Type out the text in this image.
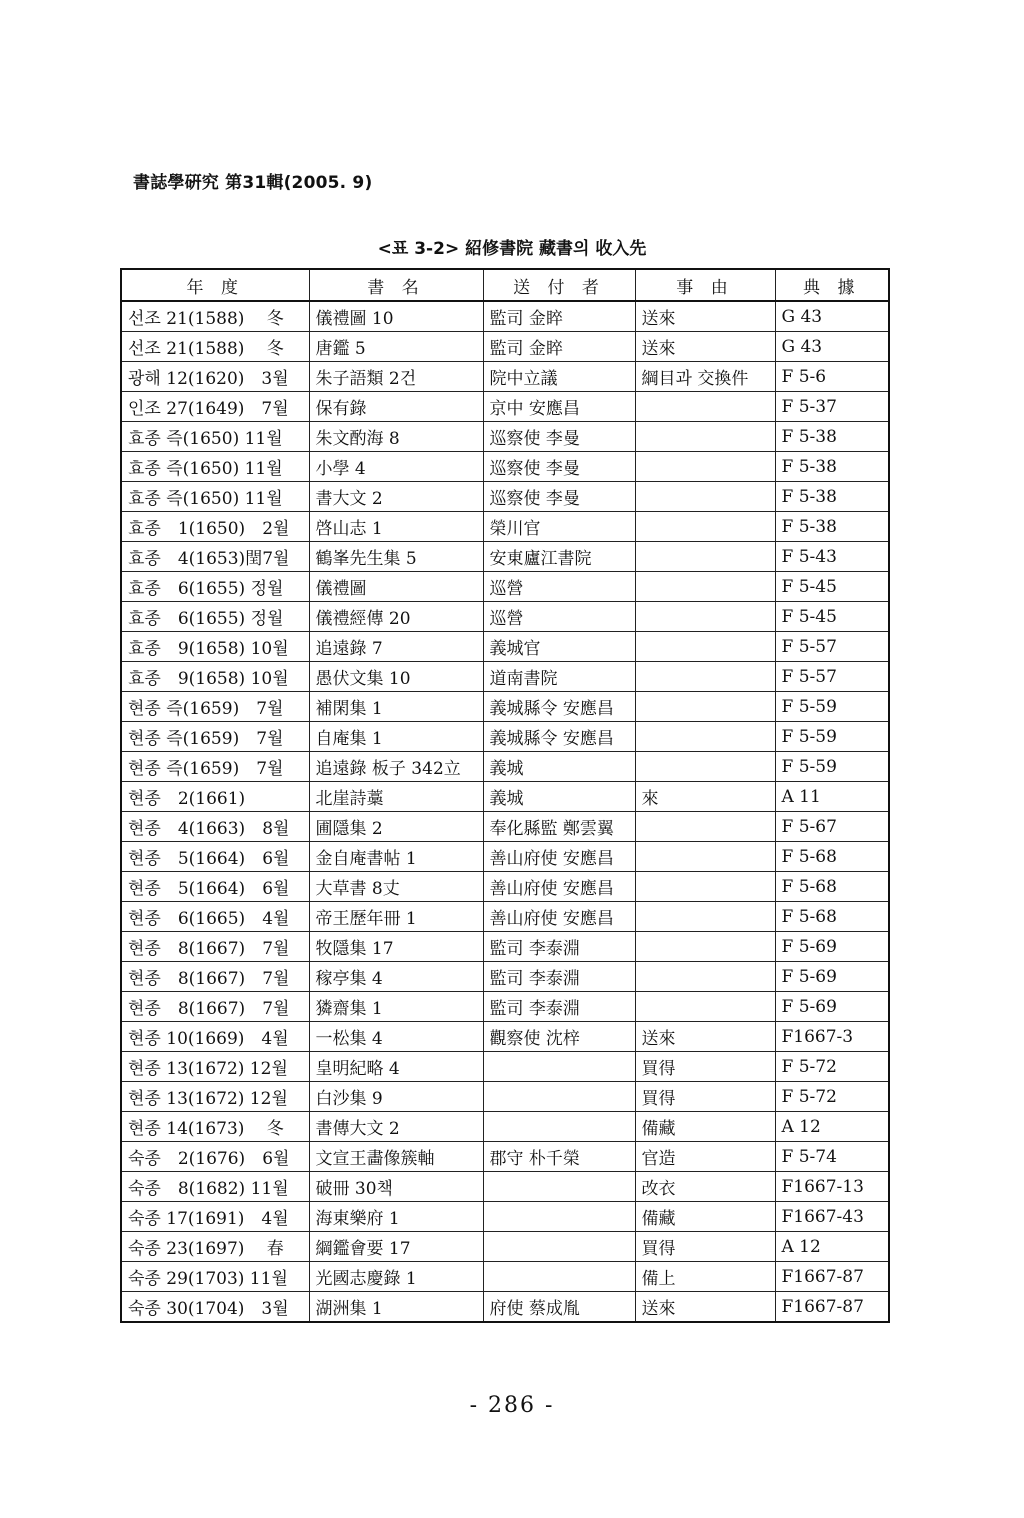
書誌學硏究 第31輯(2005. 9)
<표 3-2> 紹修書院 藏書의 收入先
年 度	書 名	送 付 者	事 由	典 據
선조 21(1588)　 冬	儀禮圖 10	監司 金睟	送來	G 43
선조 21(1588)　 冬	唐鑑 5	監司 金睟	送來	G 43
광해 12(1620)　3월	朱子語類 2건	院中立議	綱目과 交換件	F 5-6
인조 27(1649)　7월	保有錄	京中 安應昌		F 5-37
효종 즉(1650) 11월	朱文酌海 8	巡察使 李曼		F 5-38
효종 즉(1650) 11월	小學 4	巡察使 李曼		F 5-38
효종 즉(1650) 11월	書大文 2	巡察使 李曼		F 5-38
효종　1(1650)　2월	啓山志 1	榮川官		F 5-38
효종　4(1653)閏7월	鶴峯先生集 5	安東廬江書院		F 5-43
효종　6(1655) 정월	儀禮圖	巡營		F 5-45
효종　6(1655) 정월	儀禮經傳 20	巡營		F 5-45
효종　9(1658) 10월	追遠錄 7	義城官		F 5-57
효종　9(1658) 10월	愚伏文集 10	道南書院		F 5-57
현종 즉(1659)　7월	補閑集 1	義城縣令 安應昌		F 5-59
현종 즉(1659)　7월	自庵集 1	義城縣令 安應昌		F 5-59
현종 즉(1659)　7월	追遠錄 板子 342立	義城		F 5-59
현종　2(1661)	北崖詩藁	義城	來	A 11
현종　4(1663)　8월	圃隱集 2	奉化縣監 鄭雲翼		F 5-67
현종　5(1664)　6월	金自庵書帖 1	善山府使 安應昌		F 5-68
현종　5(1664)　6월	大草書 8丈	善山府使 安應昌		F 5-68
현종　6(1665)　4월	帝王歷年冊 1	善山府使 安應昌		F 5-68
현종　8(1667)　7월	牧隱集 17	監司 李泰淵		F 5-69
현종　8(1667)　7월	稼亭集 4	監司 李泰淵		F 5-69
현종　8(1667)　7월	獜齋集 1	監司 李泰淵		F 5-69
현종 10(1669)　4월	一松集 4	觀察使 沈梓	送來	F1667-3
현종 13(1672) 12월	皇明紀略 4		買得	F 5-72
현종 13(1672) 12월	白沙集 9		買得	F 5-72
현종 14(1673)　 冬	書傳大文 2		備藏	A 12
숙종　2(1676)　6월	文宣王畵像簇軸	郡守 朴千榮	官造	F 5-74
숙종　8(1682) 11월	破冊 30책		改衣	F1667-13
숙종 17(1691)　4월	海東樂府 1		備藏	F1667-43
숙종 23(1697)　 春	綱鑑會要 17		買得	A 12
숙종 29(1703) 11월	光國志慶錄 1		備上	F1667-87
숙종 30(1704)　3월	湖洲集 1	府使 蔡成胤	送來	F1667-87
- 286 -
